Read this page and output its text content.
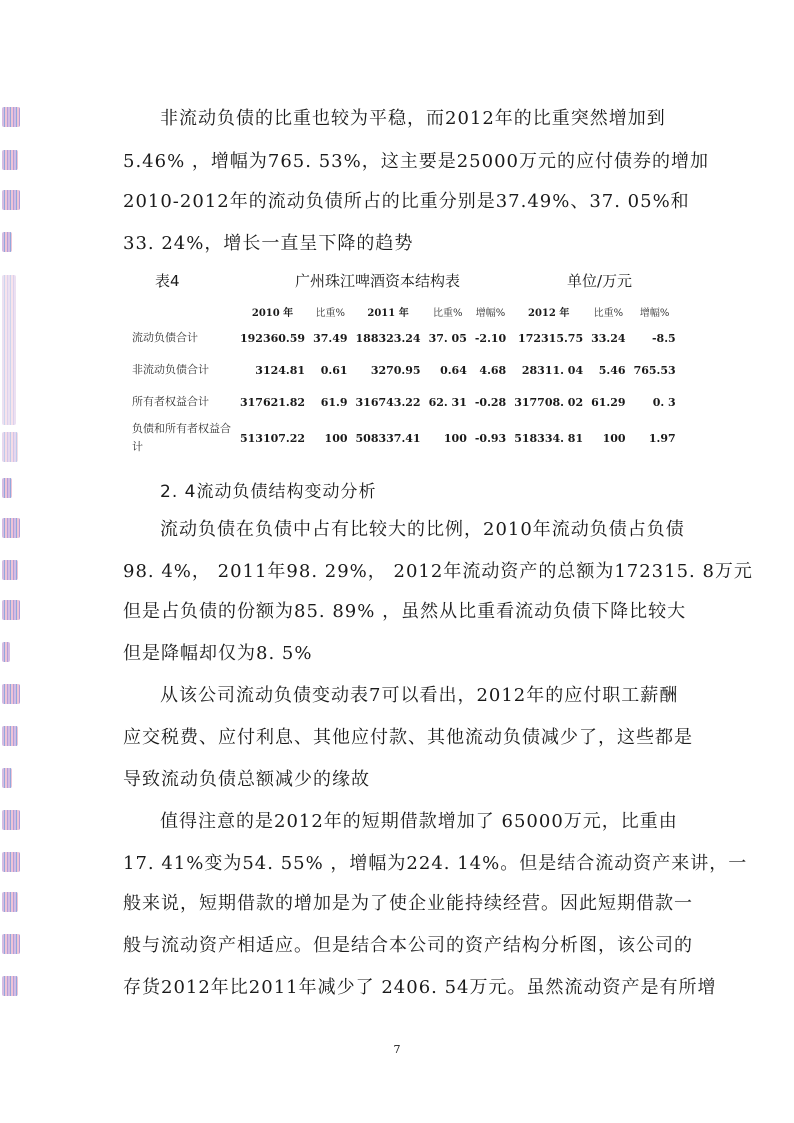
非流动负债的比重也较为平稳，而2012年的比重突然增加到
5.46% ，增幅为765. 53%，这主要是25000万元的应付债券的增加
2010-2012年的流动负债所占的比重分别是37.49%、37. 05%和
33. 24%，增长一直呈下降的趋势
表4	广州珠江啤酒资本结构表	单位/万元
	2010 年	比重%	2011 年	比重%	增幅%	2012 年	比重%	增幅%
流动负债合计	192360.59	37.49	188323.24	37. 05	-2.10	172315.75	33.24	-8.5
非流动负债合计	3124.81	0.61	3270.95	0.64	4.68	28311. 04	5.46	765.53
所有者权益合计	317621.82	61.9	316743.22	62. 31	-0.28	317708. 02	61.29	0. 3
负债和所有者权益合计	513107.22	100	508337.41	100	-0.93	518334. 81	100	1.97
2. 4流动负债结构变动分析
流动负债在负债中占有比较大的比例，2010年流动负债占负债
98. 4%， 2011年98. 29%， 2012年流动资产的总额为172315. 8万元
但是占负债的份额为85. 89% ，虽然从比重看流动负债下降比较大
但是降幅却仅为8. 5%
从该公司流动负债变动表7可以看出，2012年的应付职工薪酬
应交税费、应付利息、其他应付款、其他流动负债减少了，这些都是
导致流动负债总额减少的缘故
值得注意的是2012年的短期借款增加了 65000万元，比重由
17. 41%变为54. 55% ，增幅为224. 14%。但是结合流动资产来讲，一
般来说，短期借款的增加是为了使企业能持续经营。因此短期借款一
般与流动资产相适应。但是结合本公司的资产结构分析图，该公司的
存货2012年比2011年减少了 2406. 54万元。虽然流动资产是有所增
7
